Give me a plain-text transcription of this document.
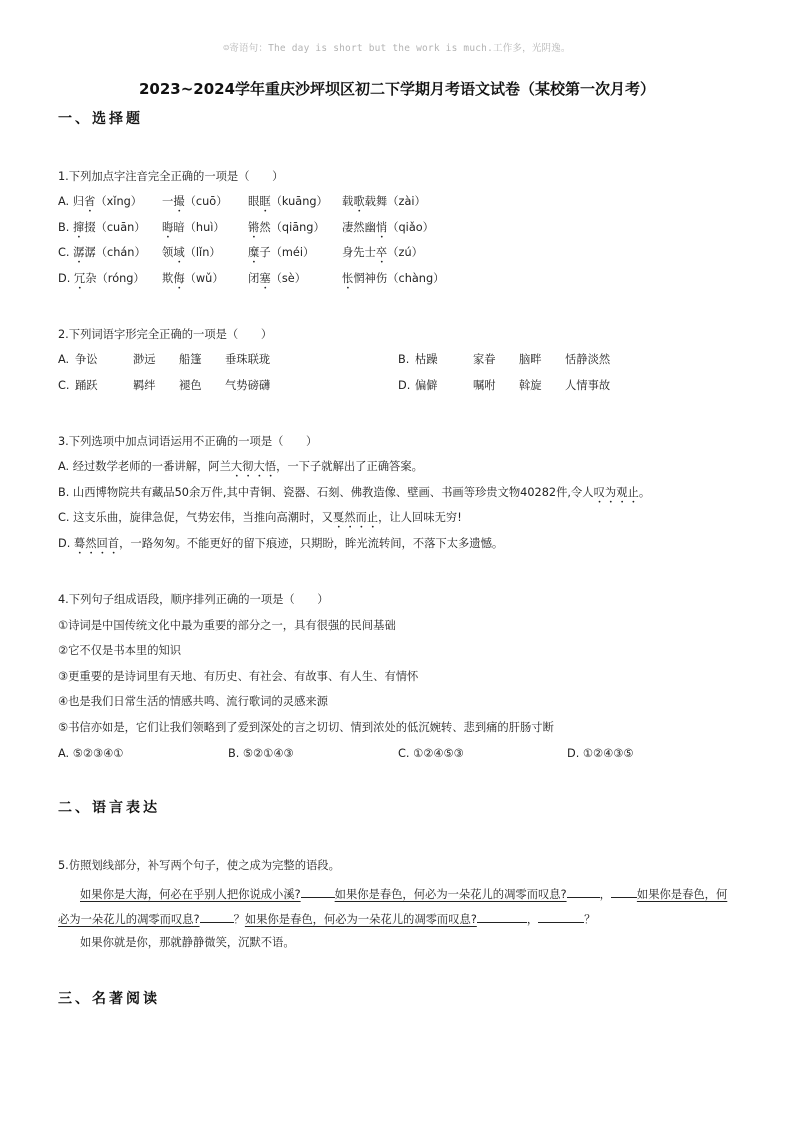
☺寄语句：The day is short but the work is much.工作多，光阴逸。
2023~2024学年重庆沙坪坝区初二下学期月考语文试卷（某校第一次月考）
一、选择题
1.下列加点字注音完全正确的一项是（　　）
A. 归省（xǐng） 一撮（cuō） 眼眶（kuāng） 载歌载舞（zài）
B. 撺掇（cuān） 晦暗（huì） 锵然（qiāng） 凄然幽悄（qiǎo）
C. 潺潺（chán） 领域（lǐn） 糜子（méi） 身先士卒（zú）
D. 冗杂（róng） 欺侮（wǔ） 闭塞（sè）	怅惘神伤（chàng）
2.下列词语字形完全正确的一项是（　　）
A. 争讼	渺远 船篷 垂珠联珑	B. 枯躁	家眷 脑畔 恬静淡然
C. 踊跃	羁绊 褪色 气势磅礴	D. 偏僻	嘱咐 斡旋 人情事故
3.下列选项中加点词语运用不正确的一项是（　　）
A. 经过数学老师的一番讲解，阿兰大彻大悟，一下子就解出了正确答案。
B. 山西博物院共有藏品50余万件,其中青铜、瓷器、石刻、佛教造像、壁画、书画等珍贵文物40282件,令人叹为观止。
C. 这支乐曲，旋律急促，气势宏伟，当推向高潮时，又戛然而止，让人回味无穷!
D. 蓦然回首，一路匆匆。不能更好的留下痕迹，只期盼，眸光流转间，不落下太多遗憾。
4.下列句子组成语段，顺序排列正确的一项是（　　）
①诗词是中国传统文化中最为重要的部分之一，具有很强的民间基础
②它不仅是书本里的知识
③更重要的是诗词里有天地、有历史、有社会、有故事、有人生、有情怀
④也是我们日常生活的情感共鸣、流行歌词的灵感来源
⑤书信亦如是，它们让我们领略到了爱到深处的言之切切、情到浓处的低沉婉转、悲到痛的肝肠寸断
A. ⑤②③④①	B. ⑤②①④③	C. ①②④⑤③	D. ①②④③⑤
二、语言表达
5.仿照划线部分，补写两个句子，使之成为完整的语段。
如果你是大海，何必在乎别人把你说成小溪?	如果你是春色，何必为一朵花儿的凋零而叹息?	， 如果你是春色，何
必为一朵花儿的凋零而叹息?	？如果你是春色，何必为一朵花儿的凋零而叹息?	，	？
如果你就是你，那就静静微笑，沉默不语。
三、名著阅读
